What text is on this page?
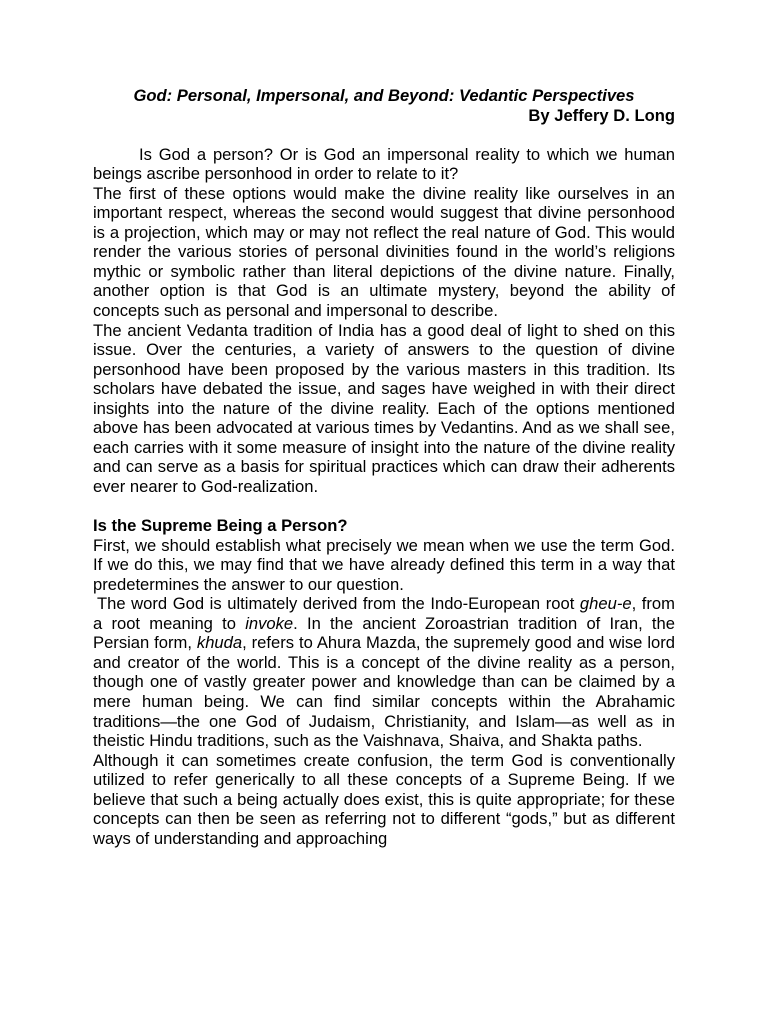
God: Personal, Impersonal, and Beyond: Vedantic Perspectives
By Jeffery D. Long

Is God a person? Or is God an impersonal reality to which we human beings ascribe personhood in order to relate to it?

The first of these options would make the divine reality like ourselves in an important respect, whereas the second would suggest that divine personhood is a projection, which may or may not reflect the real nature of God. This would render the various stories of personal divinities found in the world’s religions mythic or symbolic rather than literal depictions of the divine nature. Finally, another option is that God is an ultimate mystery, beyond the ability of concepts such as personal and impersonal to describe.

The ancient Vedanta tradition of India has a good deal of light to shed on this issue. Over the centuries, a variety of answers to the question of divine personhood have been proposed by the various masters in this tradition. Its scholars have debated the issue, and sages have weighed in with their direct insights into the nature of the divine reality. Each of the options mentioned above has been advocated at various times by Vedantins. And as we shall see, each carries with it some measure of insight into the nature of the divine reality and can serve as a basis for spiritual practices which can draw their adherents ever nearer to God-realization.

Is the Supreme Being a Person?

First, we should establish what precisely we mean when we use the term God. If we do this, we may find that we have already defined this term in a way that predetermines the answer to our question.

The word God is ultimately derived from the Indo-European root gheu-e, from a root meaning to invoke. In the ancient Zoroastrian tradition of Iran, the Persian form, khuda, refers to Ahura Mazda, the supremely good and wise lord and creator of the world. This is a concept of the divine reality as a person, though one of vastly greater power and knowledge than can be claimed by a mere human being. We can find similar concepts within the Abrahamic traditions—the one God of Judaism, Christianity, and Islam—as well as in theistic Hindu traditions, such as the Vaishnava, Shaiva, and Shakta paths.

Although it can sometimes create confusion, the term God is conventionally utilized to refer generically to all these concepts of a Supreme Being. If we believe that such a being actually does exist, this is quite appropriate; for these concepts can then be seen as referring not to different “gods,” but as different ways of understanding and approaching
